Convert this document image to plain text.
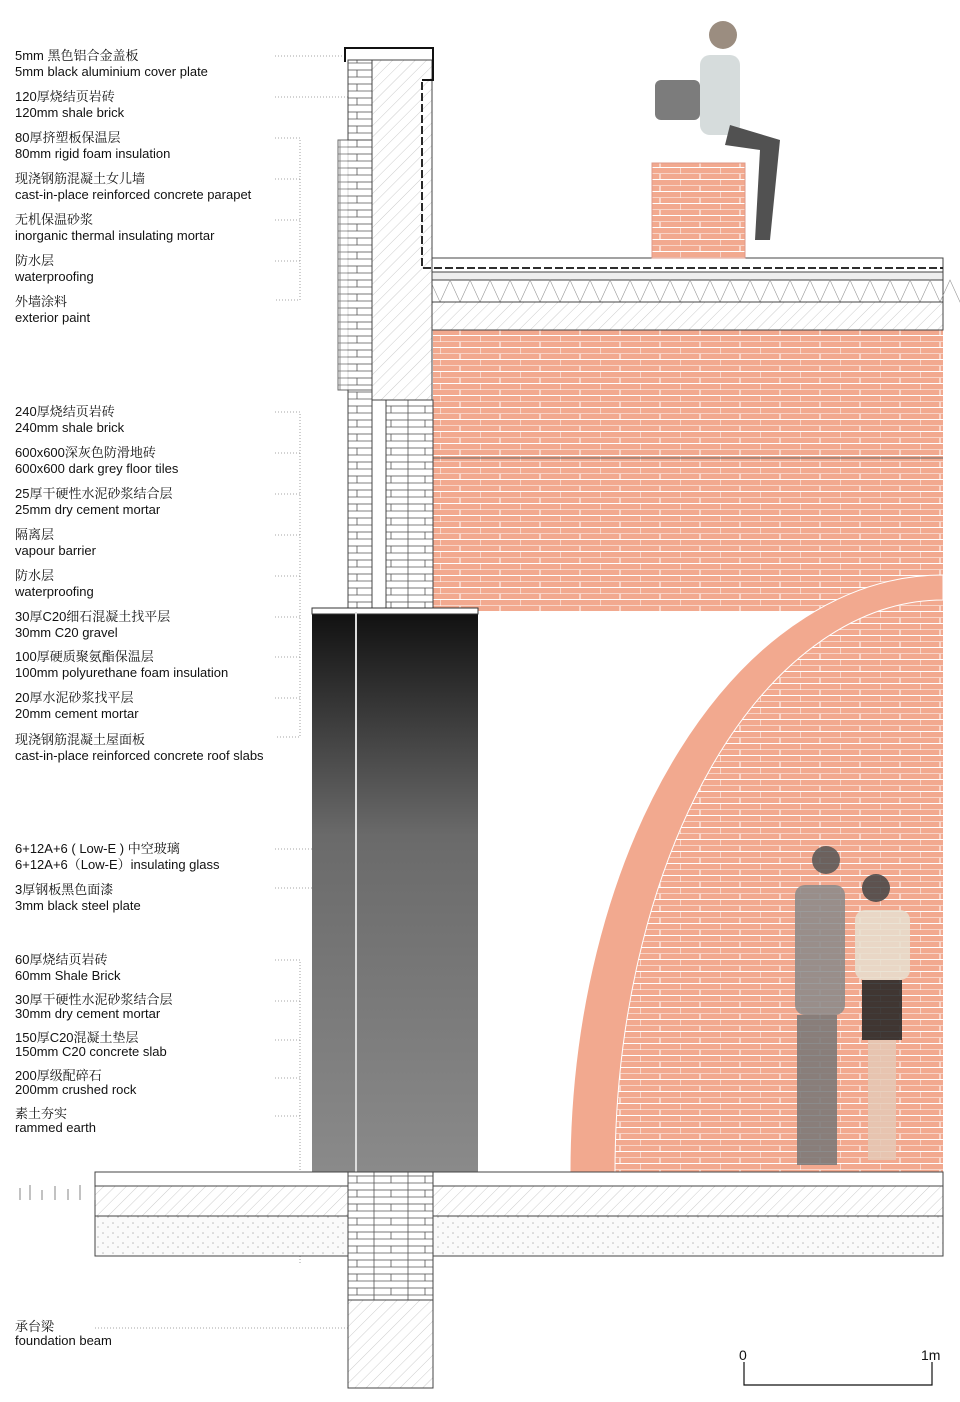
5mm 黑色铝合金盖板
5mm black aluminium cover plate
120厚烧结页岩砖
120mm shale brick
80厚挤塑板保温层
80mm rigid foam insulation
现浇钢筋混凝土女儿墙
cast-in-place reinforced concrete parapet
无机保温砂浆
inorganic thermal insulating mortar
防水层
waterproofing
外墙涂料
exterior paint
240厚烧结页岩砖
240mm shale brick
600x600深灰色防滑地砖
600x600 dark grey floor tiles
25厚干硬性水泥砂浆结合层
25mm dry cement mortar
隔离层
vapour barrier
防水层
waterproofing
30厚C20细石混凝土找平层
30mm C20 gravel
100厚硬质聚氨酯保温层
100mm polyurethane foam insulation
20厚水泥砂浆找平层
20mm cement mortar
现浇钢筋混凝土屋面板
cast-in-place reinforced concrete roof slabs
6+12A+6 ( Low-E ) 中空玻璃
6+12A+6（Low-E）insulating glass
3厚钢板黑色面漆
3mm black steel plate
60厚烧结页岩砖
60mm Shale Brick
30厚干硬性水泥砂浆结合层
30mm dry cement mortar
150厚C20混凝土垫层
150mm C20 concrete slab
200厚级配碎石
200mm crushed rock
素土夯实
rammed earth
承台梁
foundation beam
0	1m
